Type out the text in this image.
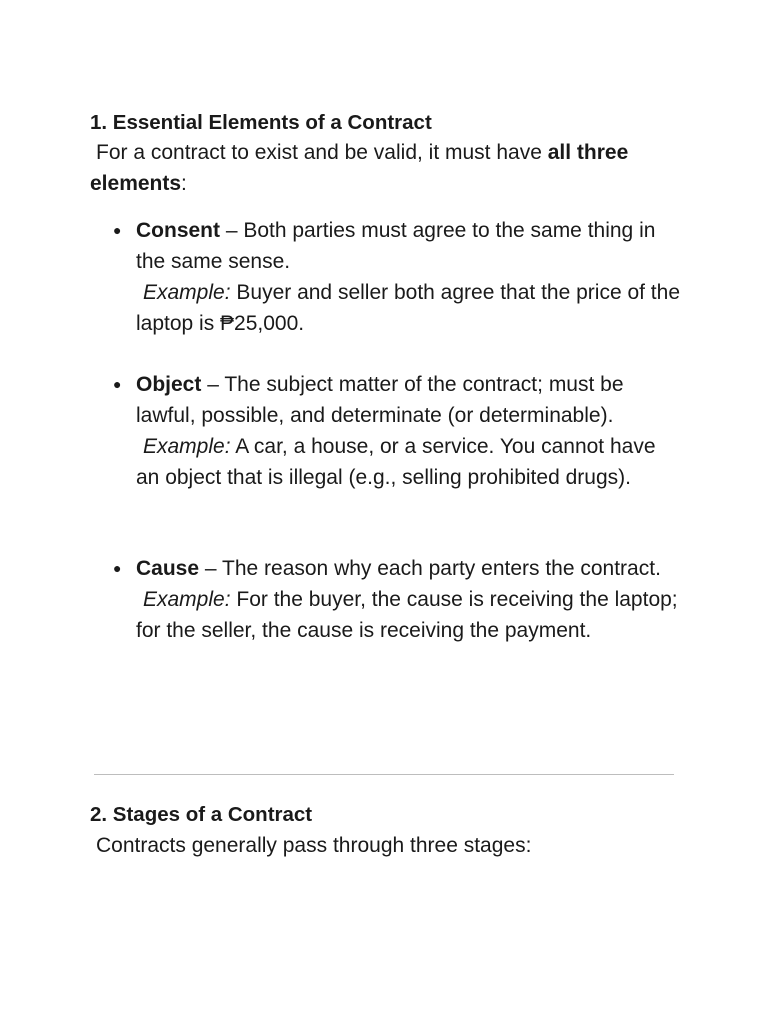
1. Essential Elements of a Contract

For a contract to exist and be valid, it must have all three elements:

● Consent – Both parties must agree to the same thing in the same sense.
Example: Buyer and seller both agree that the price of the laptop is ₱25,000.
● Object – The subject matter of the contract; must be lawful, possible, and determinate (or determinable).
Example: A car, a house, or a service. You cannot have an object that is illegal (e.g., selling prohibited drugs).
● Cause – The reason why each party enters the contract.
Example: For the buyer, the cause is receiving the laptop; for the seller, the cause is receiving the payment.
2. Stages of a Contract

Contracts generally pass through three stages:
